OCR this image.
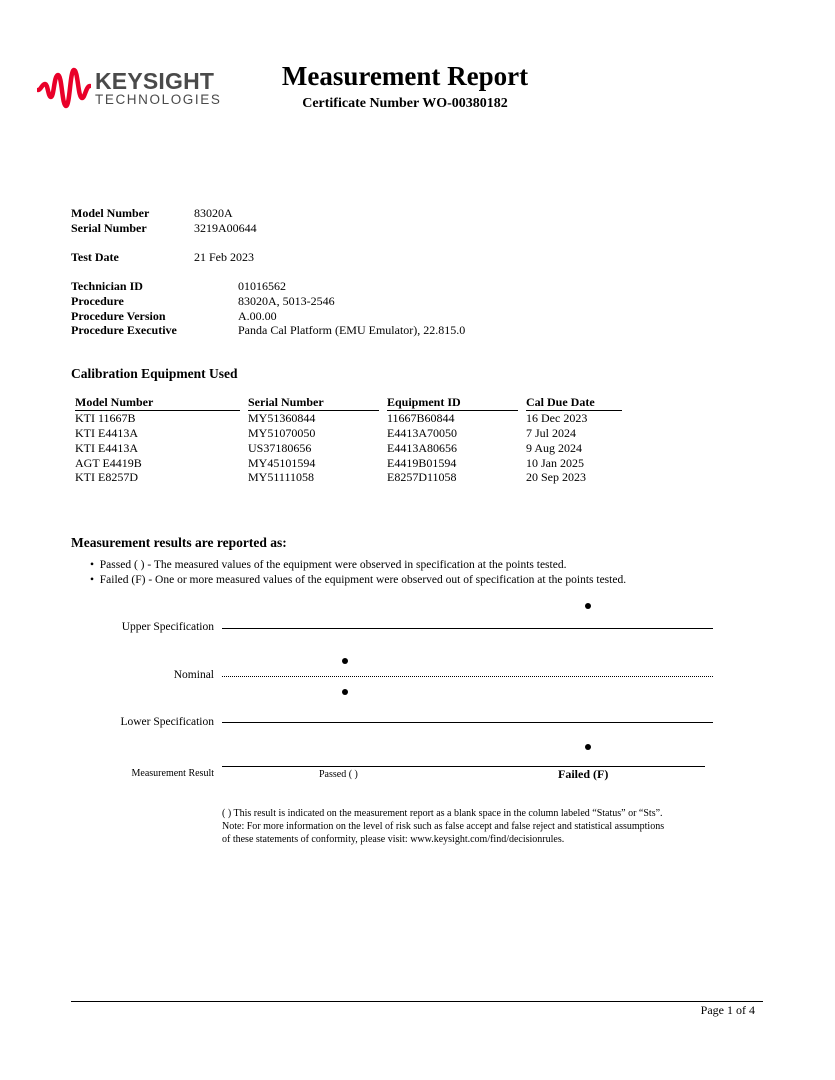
KEYSIGHT
TECHNOLOGIES
Measurement Report
Certificate Number WO-00380182
Model Number	83020A
Serial Number	3219A00644
Test Date	21 Feb 2023
Technician ID	01016562
Procedure	83020A, 5013-2546
Procedure Version	A.00.00
Procedure Executive	Panda Cal Platform (EMU Emulator), 22.815.0
Calibration Equipment Used
Model Number	Serial Number	Equipment ID	Cal Due Date
KTI 11667B	MY51360844	11667B60844	16 Dec 2023
KTI E4413A	MY51070050	E4413A70050	7 Jul 2024
KTI E4413A	US37180656	E4413A80656	9 Aug 2024
AGT E4419B	MY45101594	E4419B01594	10 Jan 2025
KTI E8257D	MY51111058	E8257D11058	20 Sep 2023
Measurement results are reported as:
• Passed ( ) - The measured values of the equipment were observed in specification at the points tested.
• Failed (F) - One or more measured values of the equipment were observed out of specification at the points tested.
Upper Specification
Nominal
Lower Specification
Measurement Result	Passed ( )	Failed (F)
( ) This result is indicated on the measurement report as a blank space in the column labeled “Status” or “Sts”.
Note: For more information on the level of risk such as false accept and false reject and statistical assumptions
of these statements of conformity, please visit: www.keysight.com/find/decisionrules.
Page 1 of 4
